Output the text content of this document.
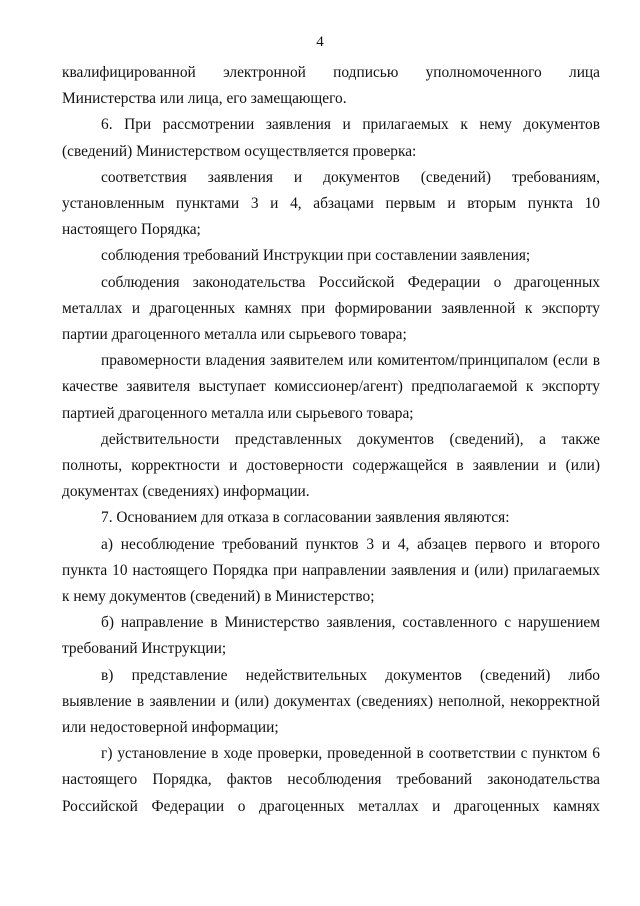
4

квалифицированной электронной подписью уполномоченного лица Министерства или лица, его замещающего.

6. При рассмотрении заявления и прилагаемых к нему документов (сведений) Министерством осуществляется проверка:

соответствия заявления и документов (сведений) требованиям, установленным пунктами 3 и 4, абзацами первым и вторым пункта 10 настоящего Порядка;

соблюдения требований Инструкции при составлении заявления;

соблюдения законодательства Российской Федерации о драгоценных металлах и драгоценных камнях при формировании заявленной к экспорту партии драгоценного металла или сырьевого товара;

правомерности владения заявителем или комитентом/принципалом (если в качестве заявителя выступает комиссионер/агент) предполагаемой к экспорту партией драгоценного металла или сырьевого товара;

действительности представленных документов (сведений), а также полноты, корректности и достоверности содержащейся в заявлении и (или) документах (сведениях) информации.

7. Основанием для отказа в согласовании заявления являются:

а) несоблюдение требований пунктов 3 и 4, абзацев первого и второго пункта 10 настоящего Порядка при направлении заявления и (или) прилагаемых к нему документов (сведений) в Министерство;

б) направление в Министерство заявления, составленного с нарушением требований Инструкции;

в) представление недействительных документов (сведений) либо выявление в заявлении и (или) документах (сведениях) неполной, некорректной или недостоверной информации;

г) установление в ходе проверки, проведенной в соответствии с пунктом 6 настоящего Порядка, фактов несоблюдения требований законодательства Российской Федерации о драгоценных металлах и драгоценных камнях
